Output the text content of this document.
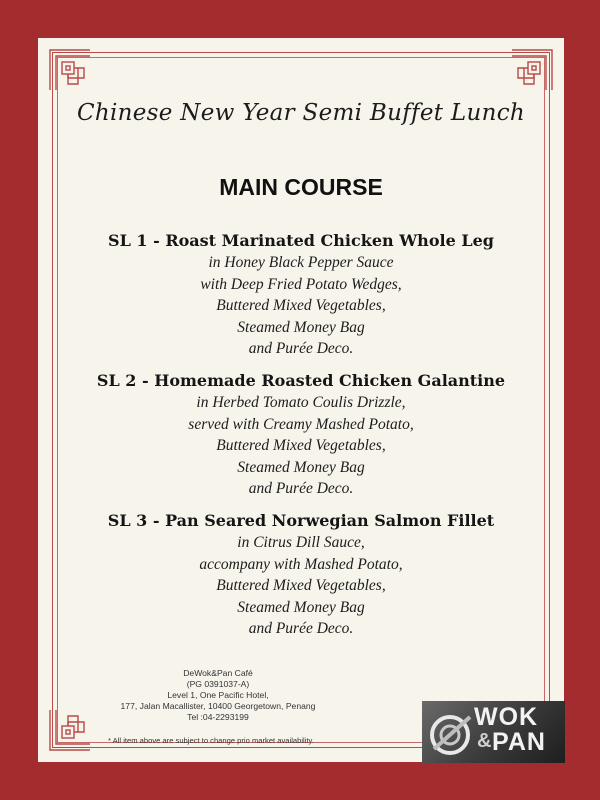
Chinese New Year Semi Buffet Lunch
MAIN COURSE
SL 1 - Roast Marinated Chicken Whole Leg
in Honey Black Pepper Sauce
with Deep Fried Potato Wedges,
Buttered Mixed Vegetables,
Steamed Money Bag
and Purée Deco.
SL 2 - Homemade Roasted Chicken Galantine
in Herbed Tomato Coulis Drizzle,
served with Creamy Mashed Potato,
Buttered Mixed Vegetables,
Steamed Money Bag
and Purée Deco.
SL 3 - Pan Seared Norwegian Salmon Fillet
in Citrus Dill Sauce,
accompany with Mashed Potato,
Buttered Mixed Vegetables,
Steamed Money Bag
and Purée Deco.
DeWok&Pan Café
(PG 0391037-A)
Level 1, One Pacific Hotel,
177, Jalan Macallister, 10400 Georgetown, Penang
Tel :04-2293199
* All item above are subject to change prio market availability.
WOK
& PAN
